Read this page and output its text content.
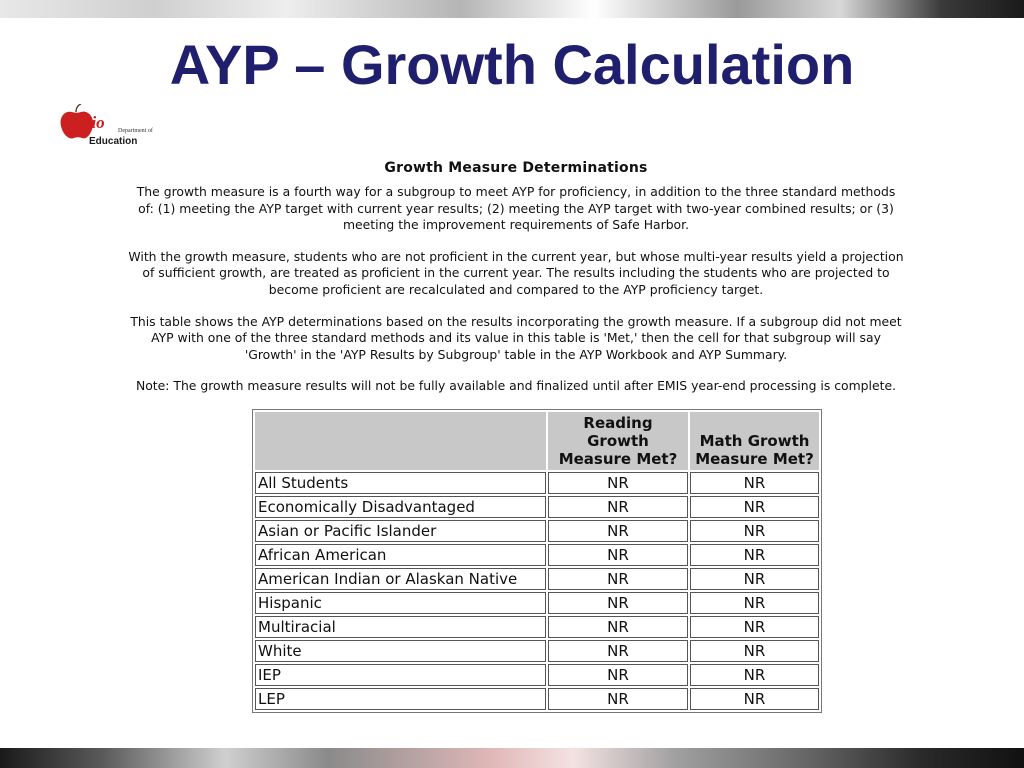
AYP – Growth Calculation
hio Department of
Education
Growth Measure Determinations

The growth measure is a fourth way for a subgroup to meet AYP for proficiency, in addition to the three standard methods of: (1) meeting the AYP target with current year results; (2) meeting the AYP target with two-year combined results; or (3) meeting the improvement requirements of Safe Harbor.

With the growth measure, students who are not proficient in the current year, but whose multi-year results yield a projection of sufficient growth, are treated as proficient in the current year. The results including the students who are projected to become proficient are recalculated and compared to the AYP proficiency target.

This table shows the AYP determinations based on the results incorporating the growth measure. If a subgroup did not meet AYP with one of the three standard methods and its value in this table is 'Met,' then the cell for that subgroup will say 'Growth' in the 'AYP Results by Subgroup' table in the AYP Workbook and AYP Summary.

Note: The growth measure results will not be fully available and finalized until after EMIS year-end processing is complete.

	Reading Growth Measure Met?	Math Growth Measure Met?
All Students	NR	NR
Economically Disadvantaged	NR	NR
Asian or Pacific Islander	NR	NR
African American	NR	NR
American Indian or Alaskan Native	NR	NR
Hispanic	NR	NR
Multiracial	NR	NR
White	NR	NR
IEP	NR	NR
LEP	NR	NR
